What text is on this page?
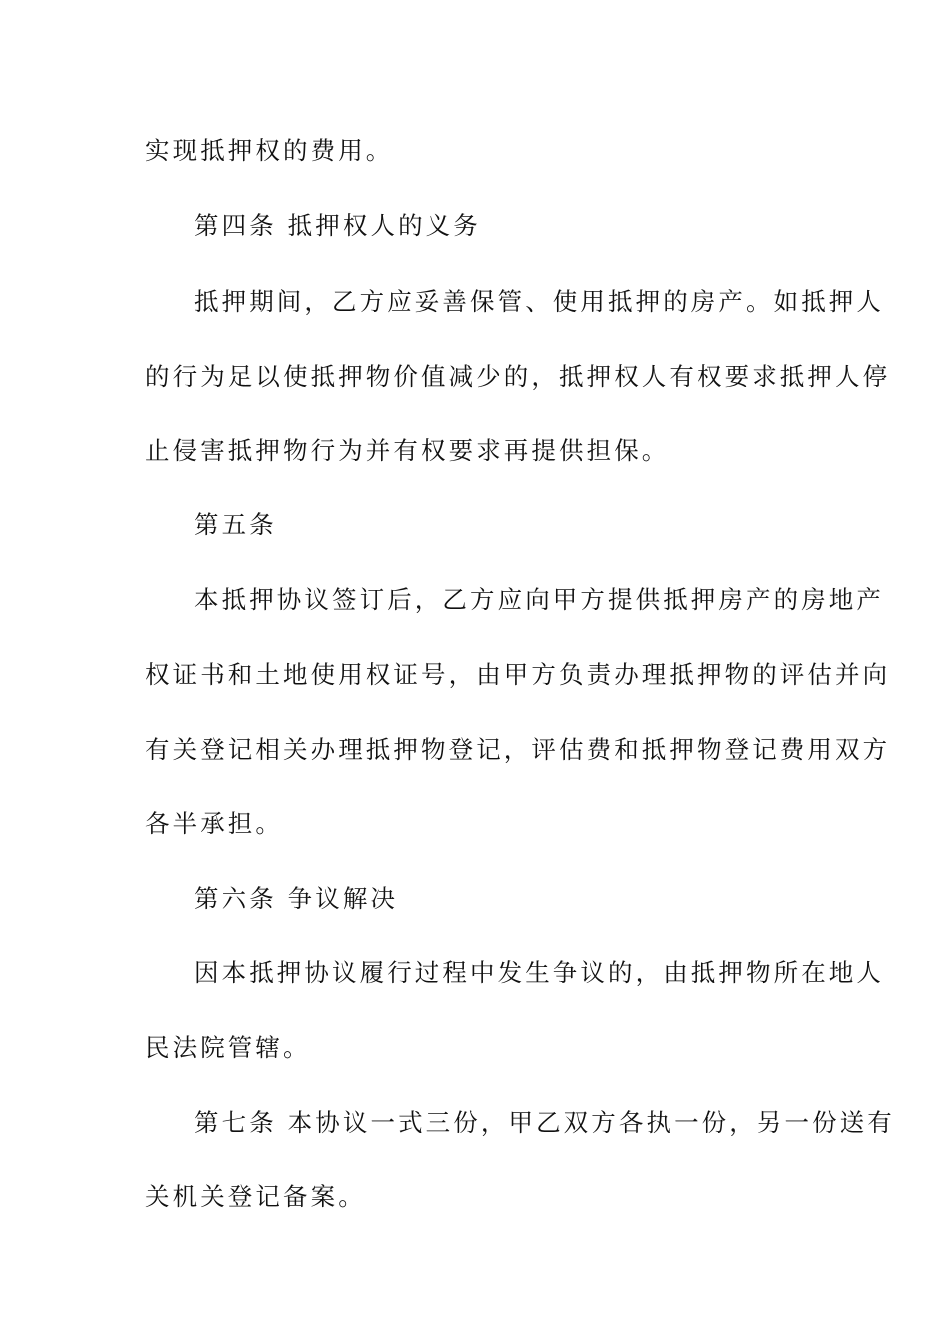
实现抵押权的费用。
第四条 抵押权人的义务
抵押期间，乙方应妥善保管、使用抵押的房产。如抵押人
的行为足以使抵押物价值减少的，抵押权人有权要求抵押人停
止侵害抵押物行为并有权要求再提供担保。
第五条
本抵押协议签订后，乙方应向甲方提供抵押房产的房地产
权证书和土地使用权证号，由甲方负责办理抵押物的评估并向
有关登记相关办理抵押物登记，评估费和抵押物登记费用双方
各半承担。
第六条 争议解决
因本抵押协议履行过程中发生争议的，由抵押物所在地人
民法院管辖。
第七条 本协议一式三份，甲乙双方各执一份，另一份送有
关机关登记备案。
